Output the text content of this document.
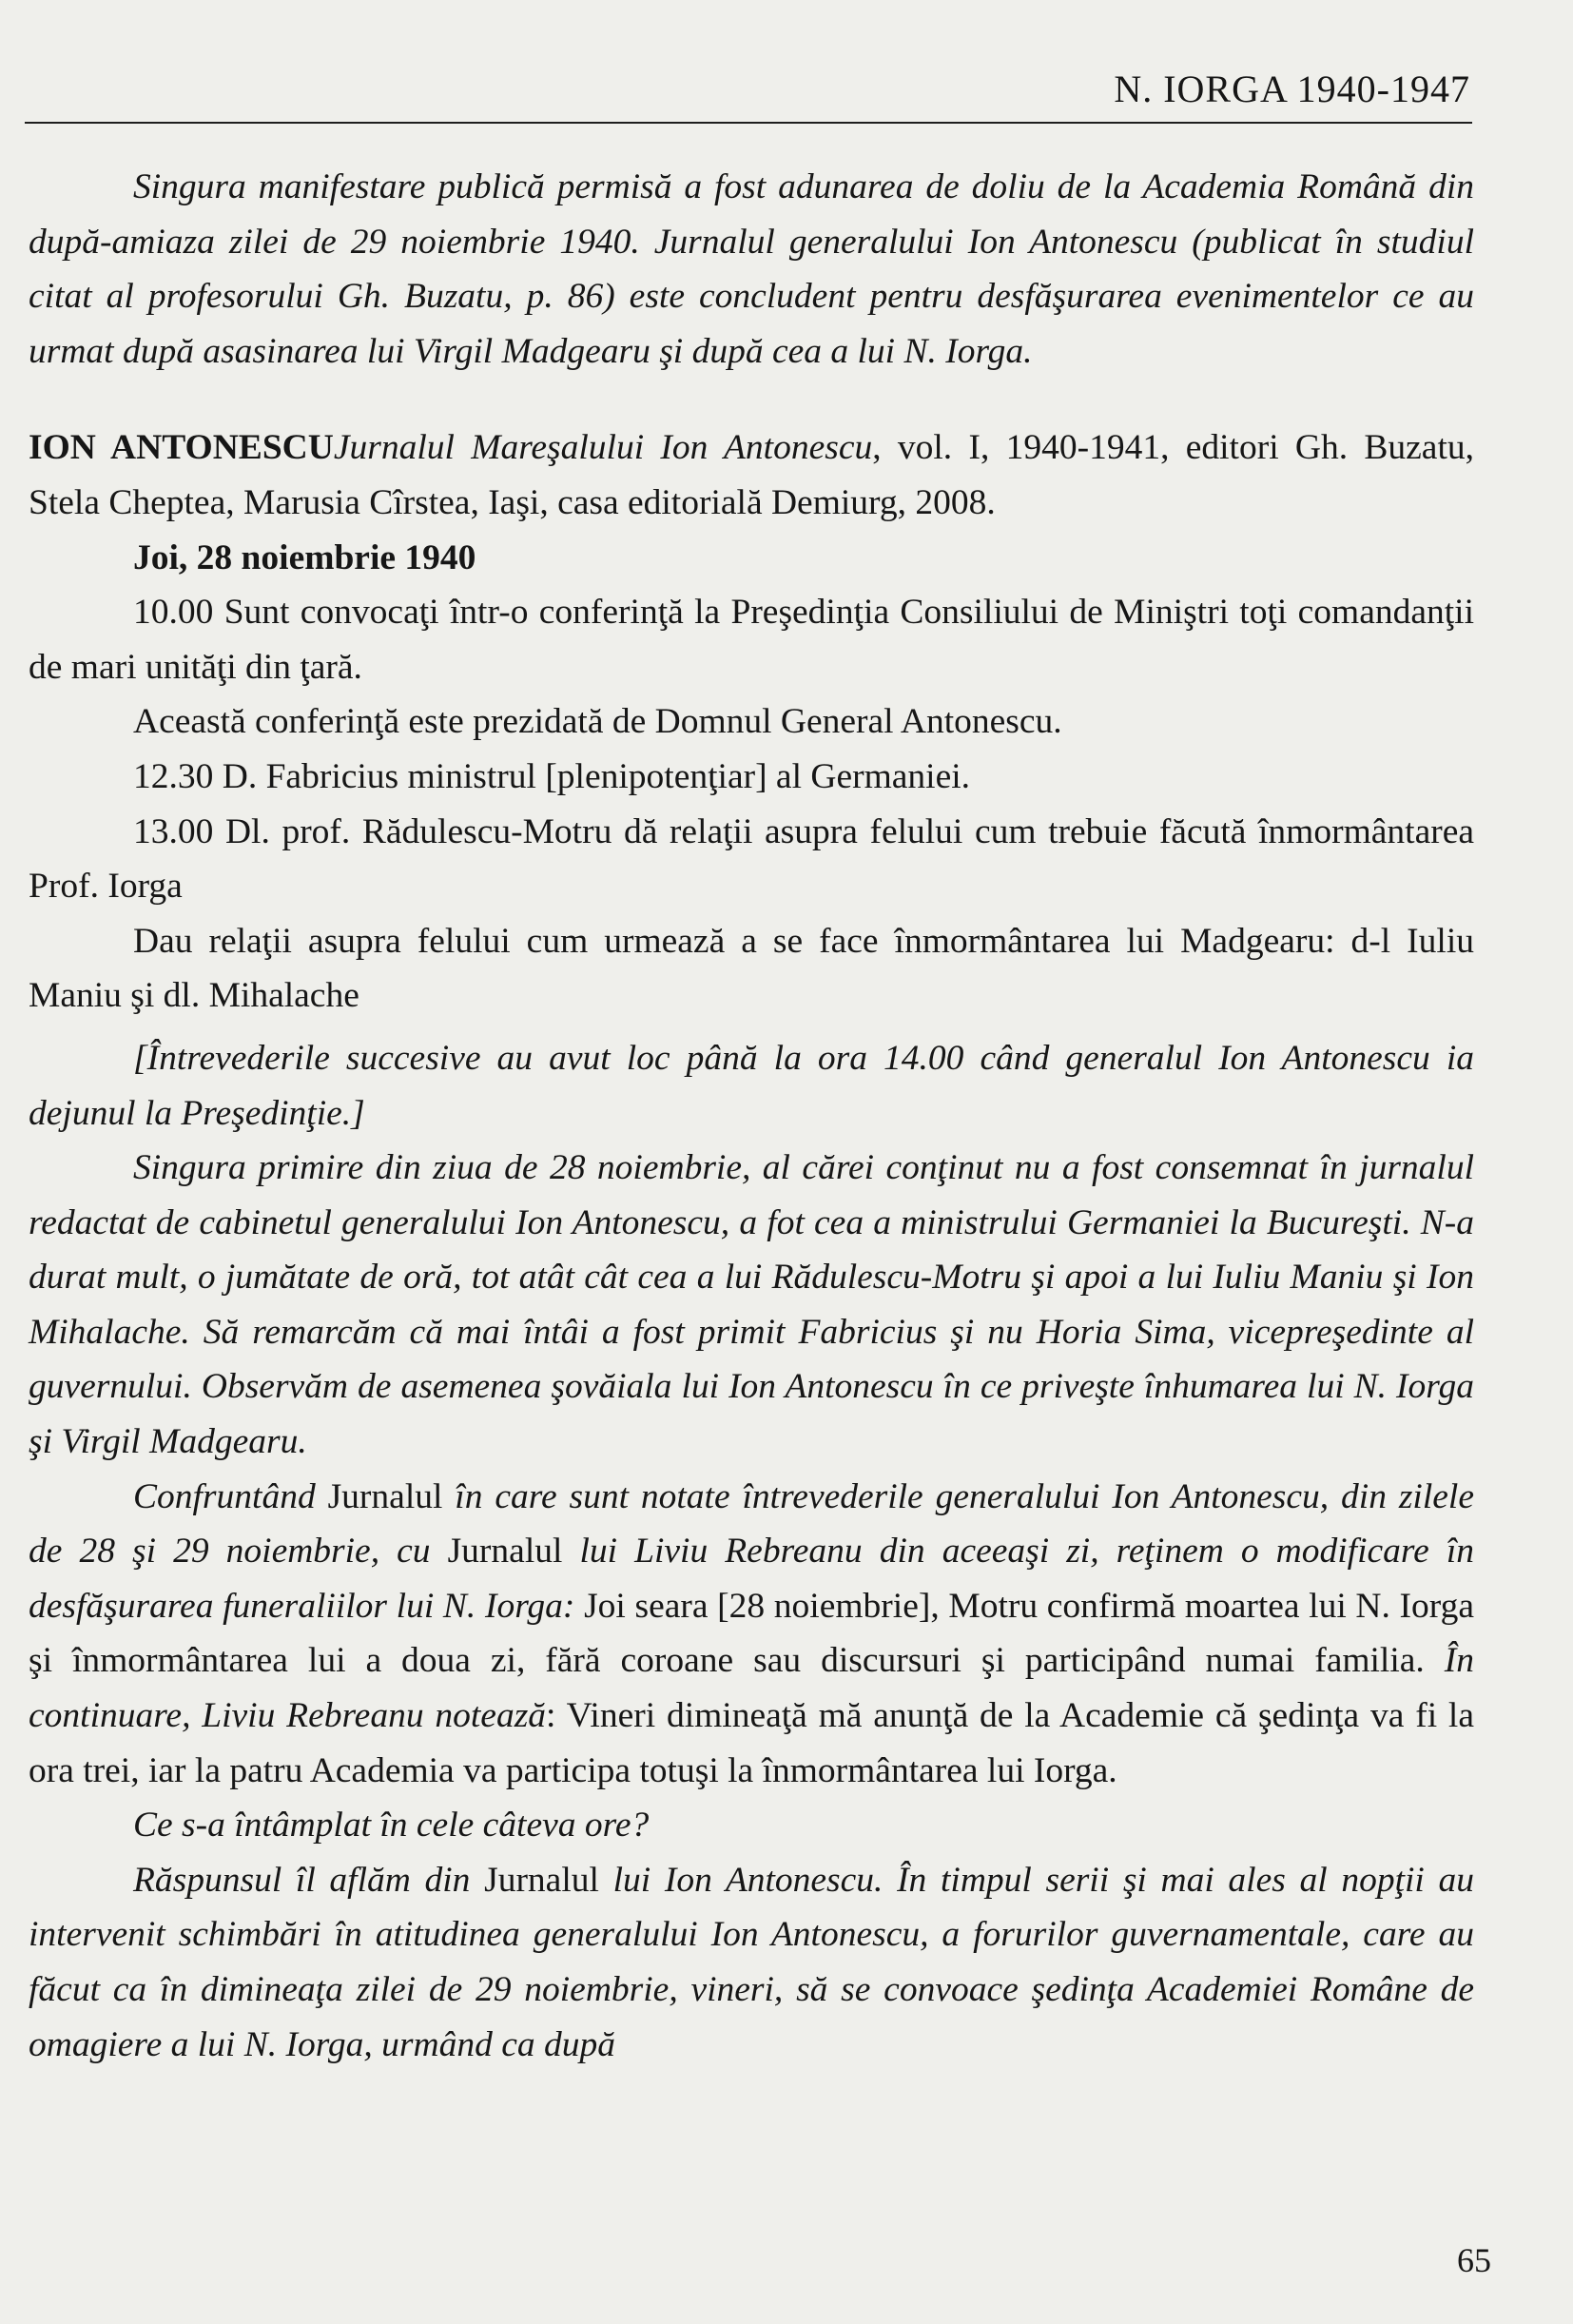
N. IORGA 1940-1947

Singura manifestare publică permisă a fost adunarea de doliu de la Academia Română din după-amiaza zilei de 29 noiembrie 1940. Jurnalul generalului Ion Antonescu (publicat în studiul citat al profesorului Gh. Buzatu, p. 86) este concludent pentru desfăşurarea evenimentelor ce au urmat după asasinarea lui Virgil Madgearu şi după cea a lui N. Iorga.

ION ANTONESCUJurnalul Mareşalului Ion Antonescu, vol. I, 1940-1941, editori Gh. Buzatu, Stela Cheptea, Marusia Cîrstea, Iaşi, casa editorială Demiurg, 2008.

Joi, 28 noiembrie 1940

10.00 Sunt convocaţi într-o conferinţă la Preşedinţia Consiliului de Miniştri toţi comandanţii de mari unităţi din ţară.

Această conferinţă este prezidată de Domnul General Antonescu.

12.30 D. Fabricius ministrul [plenipotenţiar] al Germaniei.

13.00 Dl. prof. Rădulescu-Motru dă relaţii asupra felului cum trebuie făcută înmormântarea Prof. Iorga

Dau relaţii asupra felului cum urmează a se face înmormântarea lui Madgearu: d-l Iuliu Maniu şi dl. Mihalache

[Întrevederile succesive au avut loc până la ora 14.00 când generalul Ion Antonescu ia dejunul la Preşedinţie.]

Singura primire din ziua de 28 noiembrie, al cărei conţinut nu a fost consemnat în jurnalul redactat de cabinetul generalului Ion Antonescu, a fot cea a ministrului Germaniei la Bucureşti. N-a durat mult, o jumătate de oră, tot atât cât cea a lui Rădulescu-Motru şi apoi a lui Iuliu Maniu şi Ion Mihalache. Să remarcăm că mai întâi a fost primit Fabricius şi nu Horia Sima, vicepreşedinte al guvernului. Observăm de asemenea şovăiala lui Ion Antonescu în ce priveşte înhumarea lui N. Iorga şi Virgil Madgearu.

Confruntând Jurnalul în care sunt notate întrevederile generalului Ion Antonescu, din zilele de 28 şi 29 noiembrie, cu Jurnalul lui Liviu Rebreanu din aceeaşi zi, reţinem o modificare în desfăşurarea funeraliilor lui N. Iorga: Joi seara [28 noiembrie], Motru confirmă moartea lui N. Iorga şi înmormântarea lui a doua zi, fără coroane sau discursuri şi participând numai familia. În continuare, Liviu Rebreanu notează: Vineri dimineaţă mă anunţă de la Academie că şedinţa va fi la ora trei, iar la patru Academia va participa totuşi la înmormântarea lui Iorga.

Ce s-a întâmplat în cele câteva ore?

Răspunsul îl aflăm din Jurnalul lui Ion Antonescu. În timpul serii şi mai ales al nopţii au intervenit schimbări în atitudinea generalului Ion Antonescu, a forurilor guvernamentale, care au făcut ca în dimineaţa zilei de 29 noiembrie, vineri, să se convoace şedinţa Academiei Române de omagiere a lui N. Iorga, urmând ca după

65
